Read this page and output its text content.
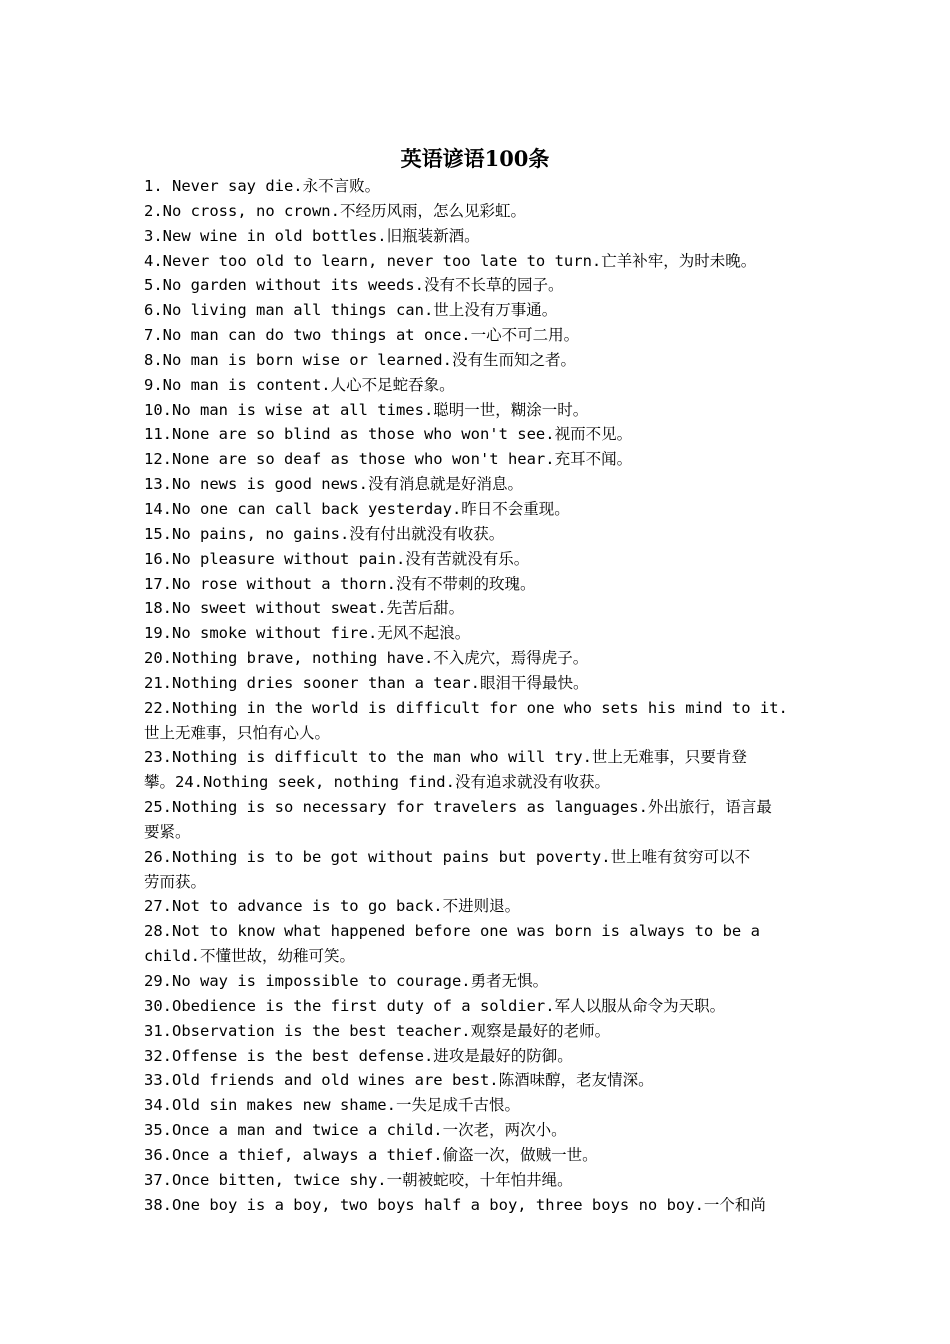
英语谚语100条
1. Never say die.永不言败。
2.No cross, no crown.不经历风雨，怎么见彩虹。
3.New wine in old bottles.旧瓶装新酒。
4.Never too old to learn, never too late to turn.亡羊补牢，为时未晚。
5.No garden without its weeds.没有不长草的园子。
6.No living man all things can.世上没有万事通。
7.No man can do two things at once.一心不可二用。
8.No man is born wise or learned.没有生而知之者。
9.No man is content.人心不足蛇吞象。
10.No man is wise at all times.聪明一世，糊涂一时。
11.None are so blind as those who won't see.视而不见。
12.None are so deaf as those who won't hear.充耳不闻。
13.No news is good news.没有消息就是好消息。
14.No one can call back yesterday.昨日不会重现。
15.No pains, no gains.没有付出就没有收获。
16.No pleasure without pain.没有苦就没有乐。
17.No rose without a thorn.没有不带刺的玫瑰。
18.No sweet without sweat.先苦后甜。
19.No smoke without fire.无风不起浪。
20.Nothing brave, nothing have.不入虎穴，焉得虎子。
21.Nothing dries sooner than a tear.眼泪干得最快。
22.Nothing in the world is difficult for one who sets his mind to it.
世上无难事，只怕有心人。
23.Nothing is difficult to the man who will try.世上无难事，只要肯登
攀。24.Nothing seek, nothing find.没有追求就没有收获。
25.Nothing is so necessary for travelers as languages.外出旅行，语言最
要紧。
26.Nothing is to be got without pains but poverty.世上唯有贫穷可以不
劳而获。
27.Not to advance is to go back.不进则退。
28.Not to know what happened before one was born is always to be a
child.不懂世故，幼稚可笑。
29.No way is impossible to courage.勇者无惧。
30.Obedience is the first duty of a soldier.军人以服从命令为天职。
31.Observation is the best teacher.观察是最好的老师。
32.Offense is the best defense.进攻是最好的防御。
33.Old friends and old wines are best.陈酒味醇，老友情深。
34.Old sin makes new shame.一失足成千古恨。
35.Once a man and twice a child.一次老，两次小。
36.Once a thief, always a thief.偷盗一次，做贼一世。
37.Once bitten, twice shy.一朝被蛇咬，十年怕井绳。
38.One boy is a boy, two boys half a boy, three boys no boy.一个和尚
